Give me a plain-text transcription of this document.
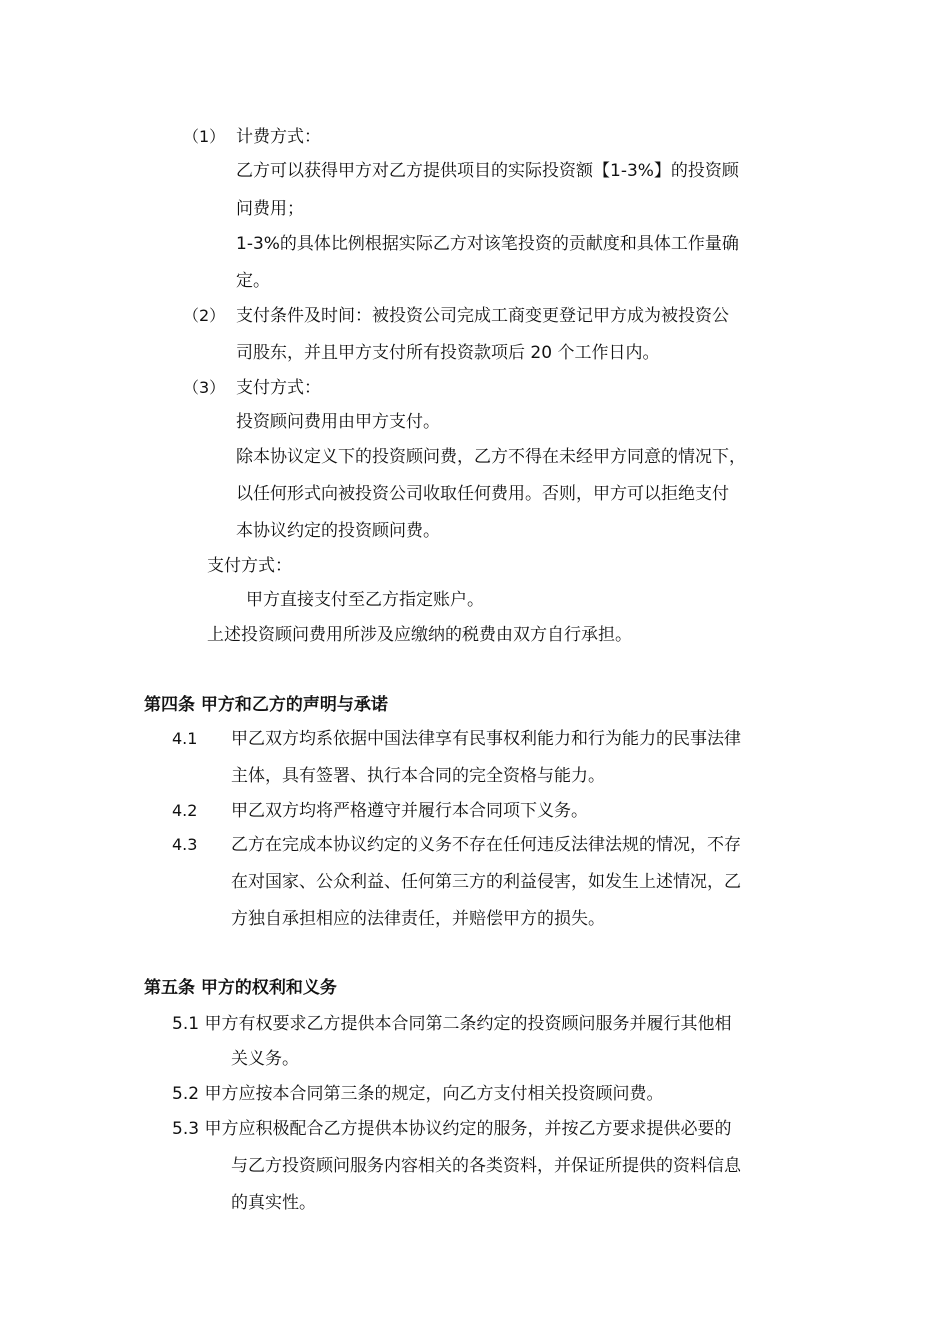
（1） 计费方式：
乙方可以获得甲方对乙方提供项目的实际投资额【1-3%】的投资顾
问费用；
1-3%的具体比例根据实际乙方对该笔投资的贡献度和具体工作量确
定。
（2） 支付条件及时间：被投资公司完成工商变更登记甲方成为被投资公
司股东，并且甲方支付所有投资款项后 20 个工作日内。
（3） 支付方式：
投资顾问费用由甲方支付。
除本协议定义下的投资顾问费，乙方不得在未经甲方同意的情况下，
以任何形式向被投资公司收取任何费用。否则，甲方可以拒绝支付
本协议约定的投资顾问费。
支付方式：
甲方直接支付至乙方指定账户。
上述投资顾问费用所涉及应缴纳的税费由双方自行承担。
第四条 甲方和乙方的声明与承诺
4.1 甲乙双方均系依据中国法律享有民事权利能力和行为能力的民事法律
主体，具有签署、执行本合同的完全资格与能力。
4.2 甲乙双方均将严格遵守并履行本合同项下义务。
4.3 乙方在完成本协议约定的义务不存在任何违反法律法规的情况，不存
在对国家、公众利益、任何第三方的利益侵害，如发生上述情况，乙
方独自承担相应的法律责任，并赔偿甲方的损失。
第五条 甲方的权利和义务
5.1 甲方有权要求乙方提供本合同第二条约定的投资顾问服务并履行其他相
关义务。
5.2 甲方应按本合同第三条的规定，向乙方支付相关投资顾问费。
5.3 甲方应积极配合乙方提供本协议约定的服务，并按乙方要求提供必要的
与乙方投资顾问服务内容相关的各类资料，并保证所提供的资料信息
的真实性。
